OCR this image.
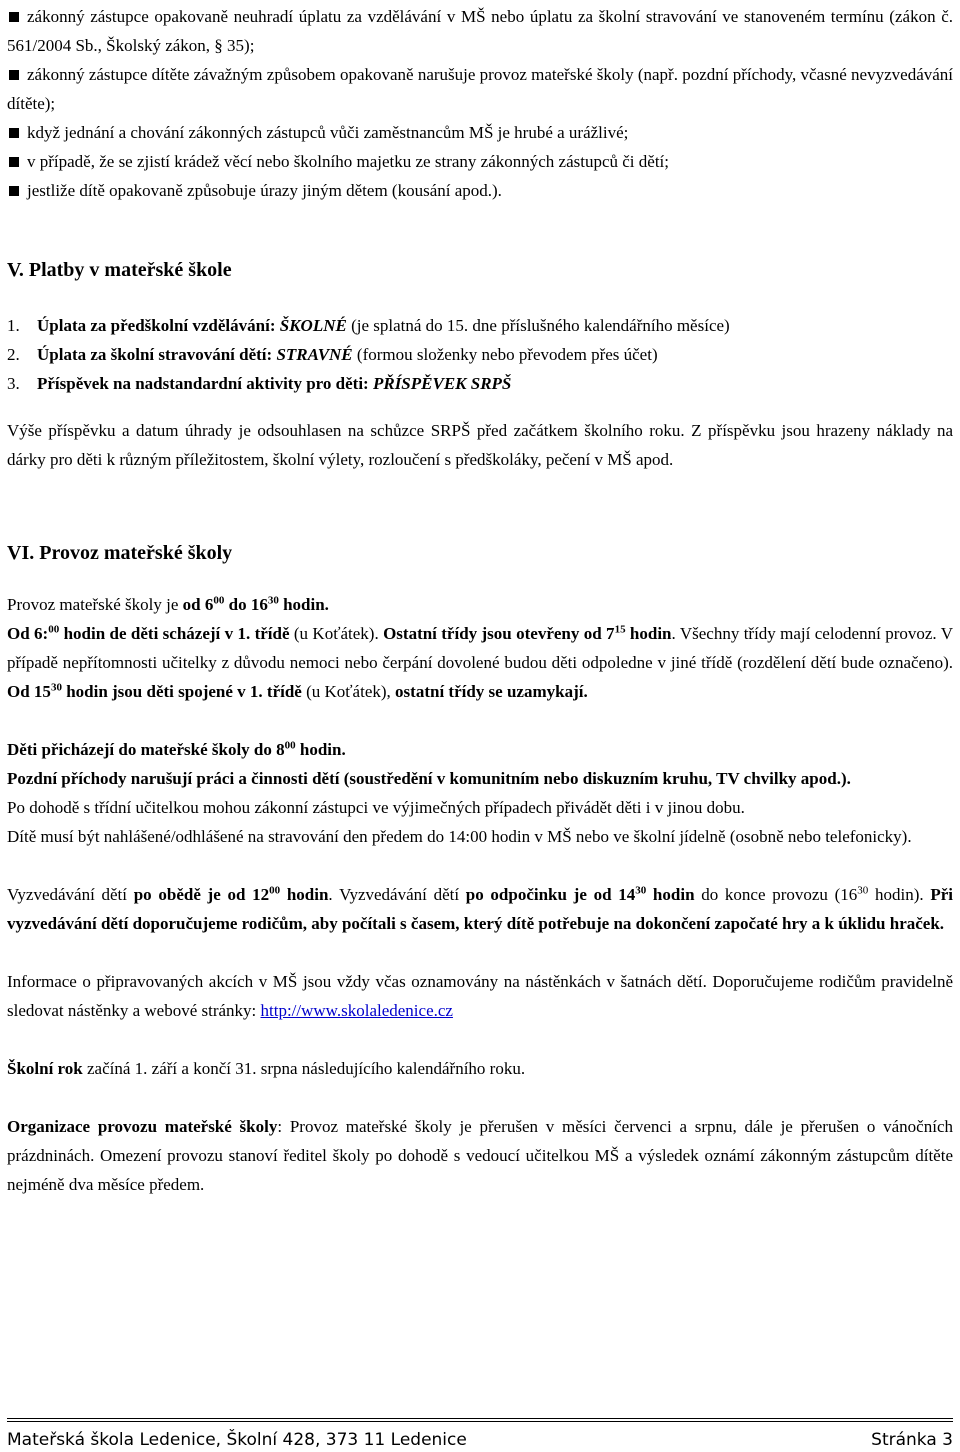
zákonný zástupce opakovaně neuhradí úplatu za vzdělávání v MŠ nebo úplatu za školní stravování ve stanoveném termínu (zákon č. 561/2004 Sb., Školský zákon, § 35);

zákonný zástupce dítěte závažným způsobem opakovaně narušuje provoz mateřské školy (např. pozdní příchody, včasné nevyzvedávání dítěte);

když jednání a chování zákonných zástupců vůči zaměstnancům MŠ je hrubé a urážlivé;

v případě, že se zjistí krádež věcí nebo školního majetku ze strany zákonných zástupců či dětí;

jestliže dítě opakovaně způsobuje úrazy jiným dětem (kousání apod.).

V. Platby v mateřské škole
1.	Úplata za předškolní vzdělávání: ŠKOLNÉ (je splatná do 15. dne příslušného kalendářního měsíce)
2.	Úplata za školní stravování dětí: STRAVNÉ (formou složenky nebo převodem přes účet)
3.	Příspěvek na nadstandardní aktivity pro děti: PŘÍSPĚVEK SRPŠ

Výše příspěvku a datum úhrady je odsouhlasen na schůzce SRPŠ před začátkem školního roku. Z příspěvku jsou hrazeny náklady na dárky pro děti k různým příležitostem, školní výlety, rozloučení s předškoláky, pečení v MŠ apod.

VI. Provoz mateřské školy

Provoz mateřské školy je od $6^{00}$ do $16^{30}$ hodin.

Od 6:$^{00}$ hodin de děti scházejí v 1. třídě (u Koťátek). Ostatní třídy jsou otevřeny od $7^{15}$ hodin. Všechny třídy mají celodenní provoz. V případě nepřítomnosti učitelky z důvodu nemoci nebo čerpání dovolené budou děti odpoledne v jiné třídě (rozdělení dětí bude označeno). Od $15^{30}$ hodin jsou děti spojené v 1. třídě (u Koťátek), ostatní třídy se uzamykají.

Děti přicházejí do mateřské školy do $8^{00}$ hodin.

Pozdní příchody narušují práci a činnosti dětí (soustředění v komunitním nebo diskuzním kruhu, TV chvilky apod.).

Po dohodě s třídní učitelkou mohou zákonní zástupci ve výjimečných případech přivádět děti i v jinou dobu.

Dítě musí být nahlášené/odhlášené na stravování den předem do 14:00 hodin v MŠ nebo ve školní jídelně (osobně nebo telefonicky).

Vyzvedávání dětí po obědě je od $12^{00}$ hodin. Vyzvedávání dětí po odpočinku je od $14^{30}$ hodin do konce provozu ($16^{30}$ hodin). Při vyzvedávání dětí doporučujeme rodičům, aby počítali s časem, který dítě potřebuje na dokončení započaté hry a k úklidu hraček.

Informace o připravovaných akcích v MŠ jsou vždy včas oznamovány na nástěnkách v šatnách dětí. Doporučujeme rodičům pravidelně sledovat nástěnky a webové stránky: http://www.skolaledenice.cz

Školní rok začíná 1. září a končí 31. srpna následujícího kalendářního roku.

Organizace provozu mateřské školy: Provoz mateřské školy je přerušen v měsíci červenci a srpnu, dále je přerušen o vánočních prázdninách. Omezení provozu stanoví ředitel školy po dohodě s vedoucí učitelkou MŠ a výsledek oznámí zákonným zástupcům dítěte nejméně dva měsíce předem.

Mateřská škola Ledenice, Školní 428, 373 11 Ledenice	Stránka 3
